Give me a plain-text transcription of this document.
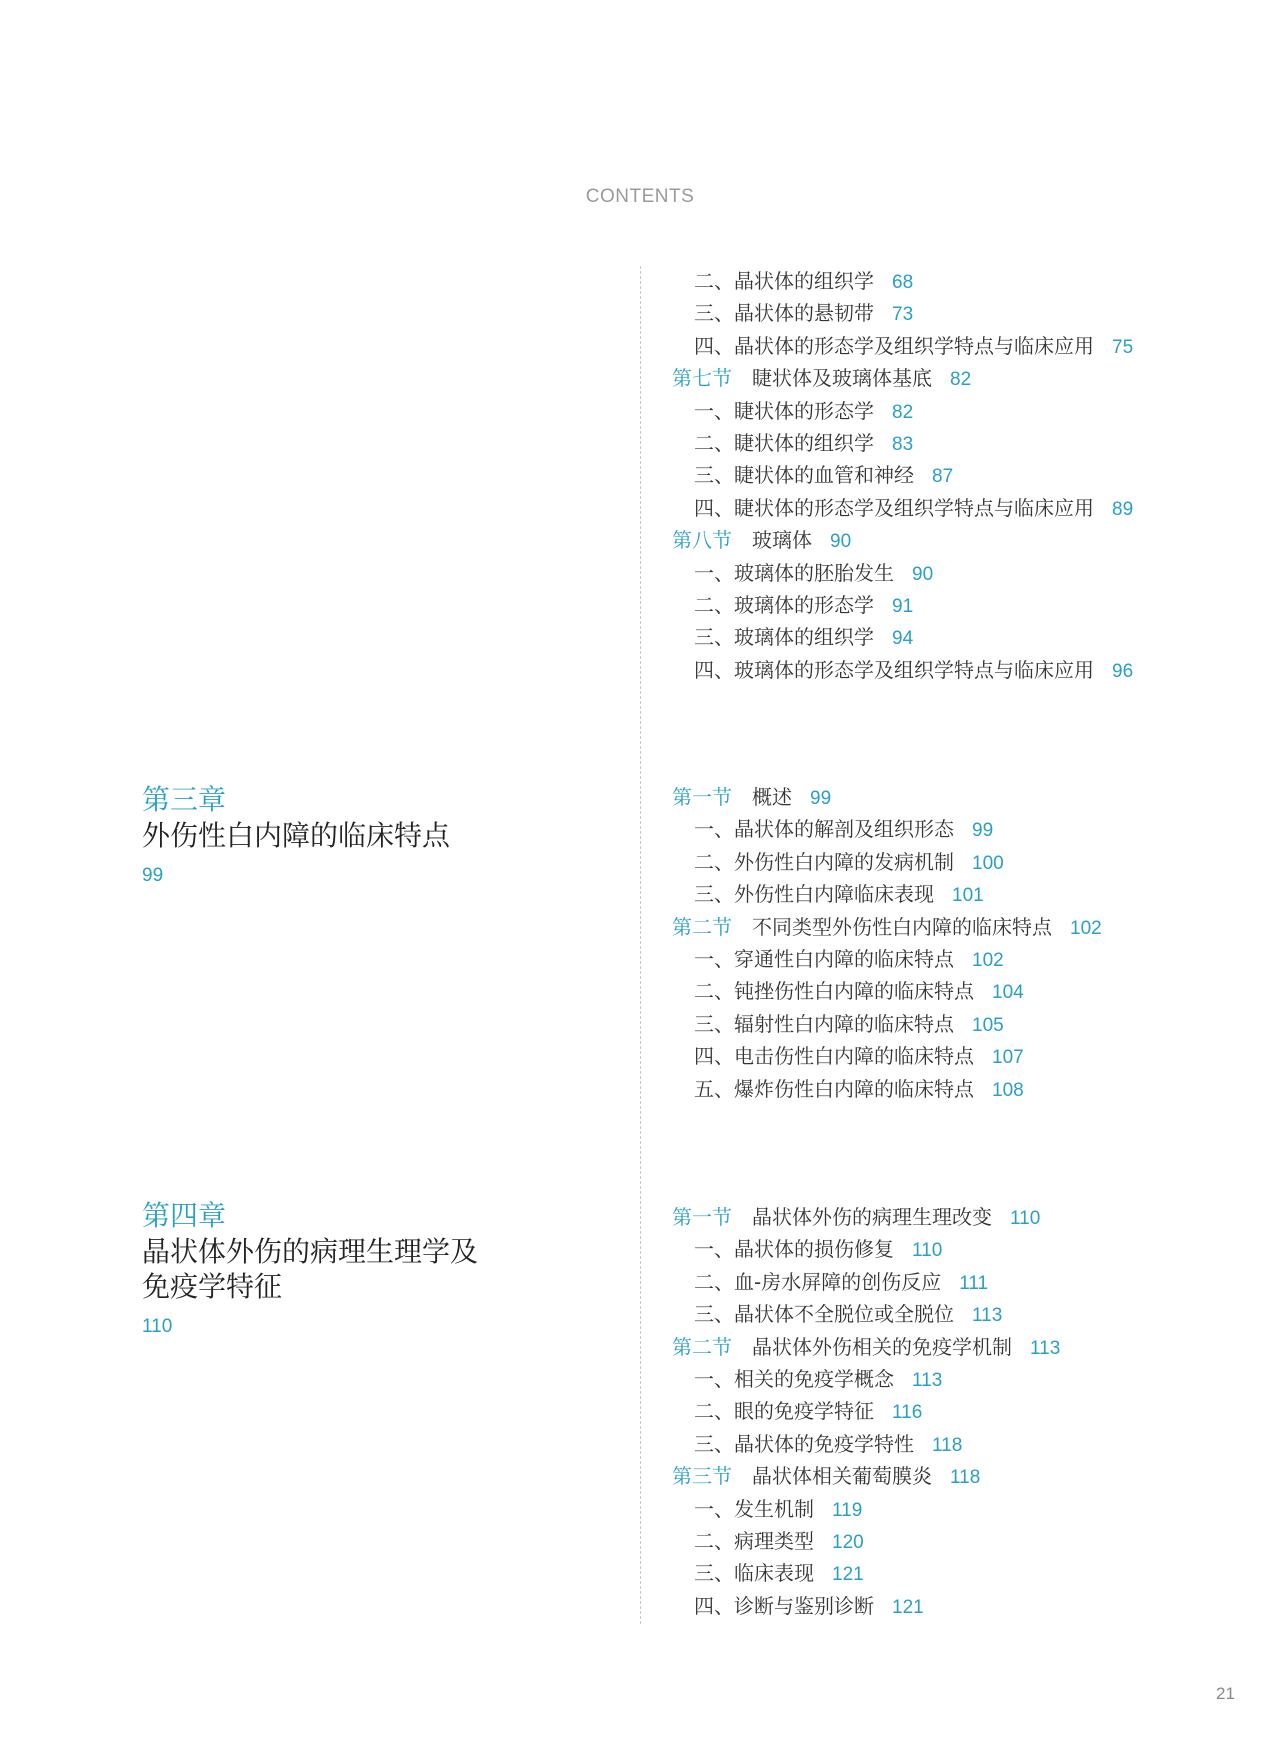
CONTENTS
第三章
外伤性白内障的临床特点
99
第四章
晶状体外伤的病理生理学及
免疫学特征
110
二、晶状体的组织学 68
三、晶状体的悬韧带 73
四、晶状体的形态学及组织学特点与临床应用 75
第七节 睫状体及玻璃体基底 82
一、睫状体的形态学 82
二、睫状体的组织学 83
三、睫状体的血管和神经 87
四、睫状体的形态学及组织学特点与临床应用 89
第八节 玻璃体 90
一、玻璃体的胚胎发生 90
二、玻璃体的形态学 91
三、玻璃体的组织学 94
四、玻璃体的形态学及组织学特点与临床应用 96
第一节 概述 99
一、晶状体的解剖及组织形态 99
二、外伤性白内障的发病机制 100
三、外伤性白内障临床表现 101
第二节 不同类型外伤性白内障的临床特点 102
一、穿通性白内障的临床特点 102
二、钝挫伤性白内障的临床特点 104
三、辐射性白内障的临床特点 105
四、电击伤性白内障的临床特点 107
五、爆炸伤性白内障的临床特点 108
第一节 晶状体外伤的病理生理改变 110
一、晶状体的损伤修复 110
二、血-房水屏障的创伤反应 111
三、晶状体不全脱位或全脱位 113
第二节 晶状体外伤相关的免疫学机制 113
一、相关的免疫学概念 113
二、眼的免疫学特征 116
三、晶状体的免疫学特性 118
第三节 晶状体相关葡萄膜炎 118
一、发生机制 119
二、病理类型 120
三、临床表现 121
四、诊断与鉴别诊断 121
21
